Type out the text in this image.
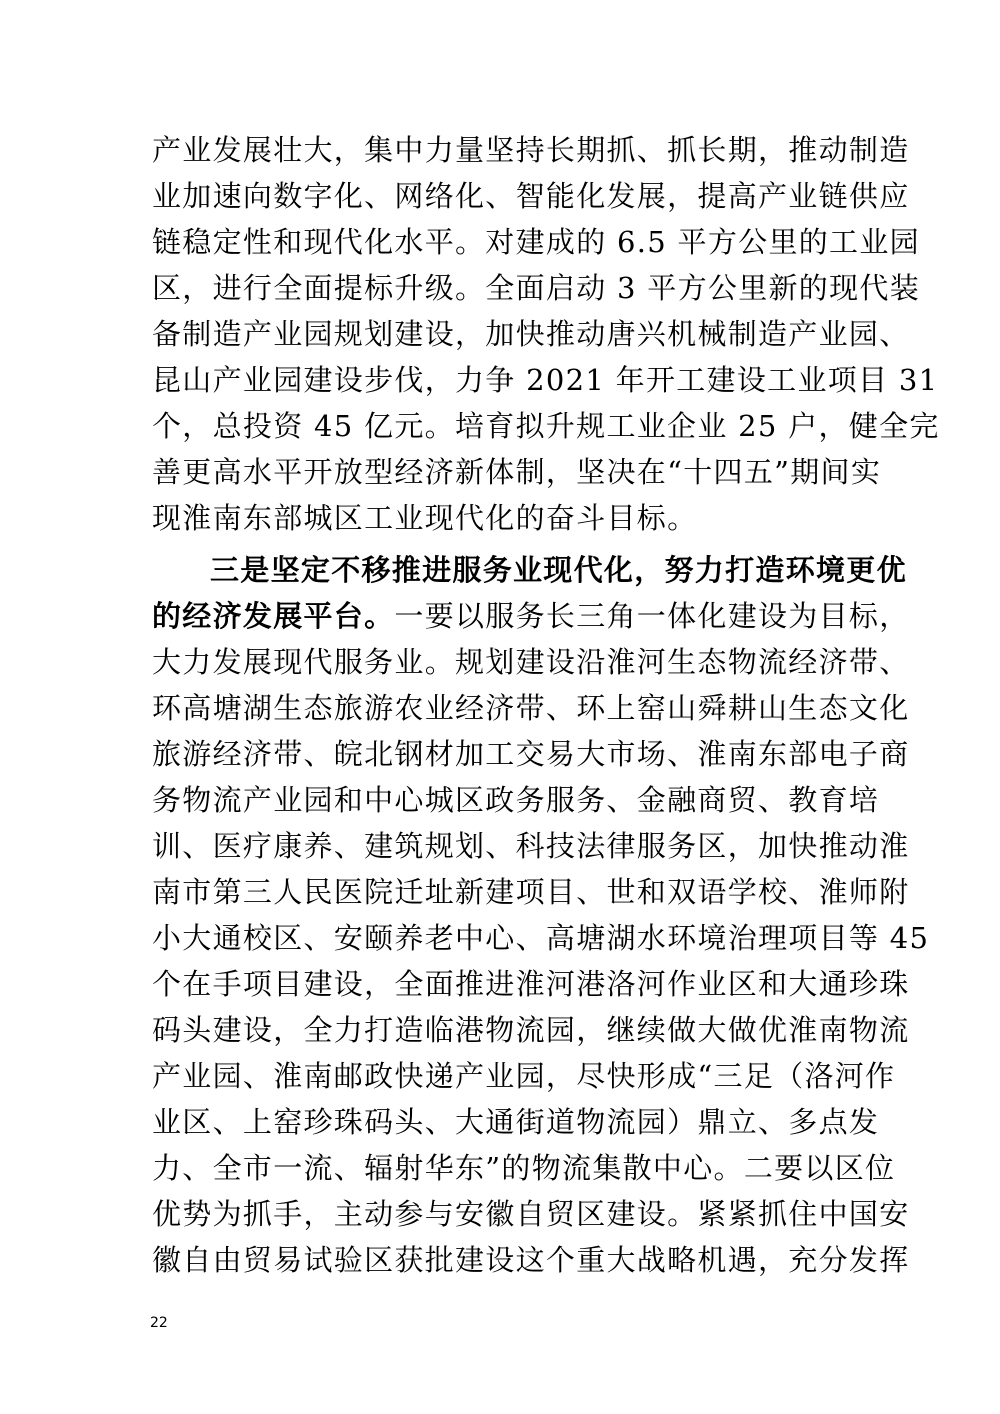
产业发展壮大，集中力量坚持长期抓、抓长期，推动制造
业加速向数字化、网络化、智能化发展，提高产业链供应
链稳定性和现代化水平。对建成的 6.5 平方公里的工业园
区，进行全面提标升级。全面启动 3 平方公里新的现代装
备制造产业园规划建设，加快推动唐兴机械制造产业园、
昆山产业园建设步伐，力争 2021 年开工建设工业项目 31
个，总投资 45 亿元。培育拟升规工业企业 25 户，健全完
善更高水平开放型经济新体制，坚决在“十四五”期间实
现淮南东部城区工业现代化的奋斗目标。
三是坚定不移推进服务业现代化，努力打造环境更优
的经济发展平台。一要以服务长三角一体化建设为目标，
大力发展现代服务业。规划建设沿淮河生态物流经济带、
环高塘湖生态旅游农业经济带、环上窑山舜耕山生态文化
旅游经济带、皖北钢材加工交易大市场、淮南东部电子商
务物流产业园和中心城区政务服务、金融商贸、教育培
训、医疗康养、建筑规划、科技法律服务区，加快推动淮
南市第三人民医院迁址新建项目、世和双语学校、淮师附
小大通校区、安颐养老中心、高塘湖水环境治理项目等 45
个在手项目建设，全面推进淮河港洛河作业区和大通珍珠
码头建设，全力打造临港物流园，继续做大做优淮南物流
产业园、淮南邮政快递产业园，尽快形成“三足（洛河作
业区、上窑珍珠码头、大通街道物流园）鼎立、多点发
力、全市一流、辐射华东”的物流集散中心。二要以区位
优势为抓手，主动参与安徽自贸区建设。紧紧抓住中国安
徽自由贸易试验区获批建设这个重大战略机遇，充分发挥
22
